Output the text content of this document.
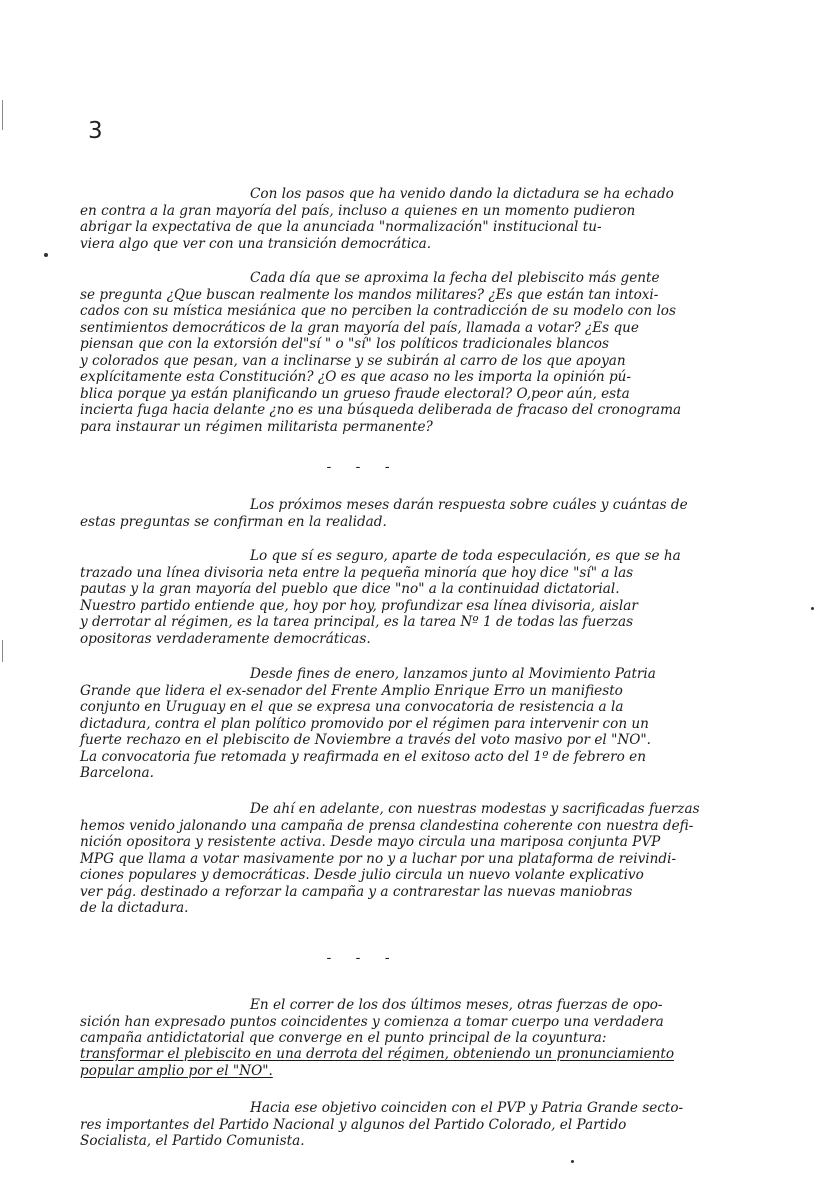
3

Con los pasos que ha venido dando la dictadura se ha echado
en contra a la gran mayoría del país, incluso a quienes en un momento pudieron
abrigar la expectativa de que la anunciada "normalización" institucional tu-
viera algo que ver con una transición democrática.

Cada día que se aproxima la fecha del plebiscito más gente
se pregunta ¿Que buscan realmente los mandos militares? ¿Es que están tan intoxi-
cados con su mística mesiánica que no perciben la contradicción de su modelo con los
sentimientos democráticos de la gran mayoría del país, llamada a votar? ¿Es que
piensan que con la extorsión del"sí " o "sí" los políticos tradicionales blancos
y colorados que pesan, van a inclinarse y se subirán al carro de los que apoyan
explícitamente esta Constitución? ¿O es que acaso no les importa la opinión pú-
blica porque ya están planificando un grueso fraude electoral? O,peor aún, esta
incierta fuga hacia delante ¿no es una búsqueda deliberada de fracaso del cronograma
para instaurar un régimen militarista permanente?

- - -

Los próximos meses darán respuesta sobre cuáles y cuántas de
estas preguntas se confirman en la realidad.

Lo que sí es seguro, aparte de toda especulación, es que se ha
trazado una línea divisoria neta entre la pequeña minoría que hoy dice "sí" a las
pautas y la gran mayoría del pueblo que dice "no" a la continuidad dictatorial.
Nuestro partido entiende que, hoy por hoy, profundizar esa línea divisoria, aislar
y derrotar al régimen, es la tarea principal, es la tarea Nº 1 de todas las fuerzas
opositoras verdaderamente democráticas.

Desde fines de enero, lanzamos junto al Movimiento Patria
Grande que lidera el ex-senador del Frente Amplio Enrique Erro un manifiesto
conjunto en Uruguay en el que se expresa una convocatoria de resistencia a la
dictadura, contra el plan político promovido por el régimen para intervenir con un
fuerte rechazo en el plebiscito de Noviembre a través del voto masivo por el "NO".
La convocatoria fue retomada y reafirmada en el exitoso acto del 1º de febrero en
Barcelona.

De ahí en adelante, con nuestras modestas y sacrificadas fuerzas
hemos venido jalonando una campaña de prensa clandestina coherente con nuestra defi-
nición opositora y resistente activa. Desde mayo circula una mariposa conjunta PVP
MPG que llama a votar masivamente por no y a luchar por una plataforma de reivindi-
ciones populares y democráticas. Desde julio circula un nuevo volante explicativo
ver pág. destinado a reforzar la campaña y a contrarestar las nuevas maniobras
de la dictadura.

- - -

En el correr de los dos últimos meses, otras fuerzas de opo-
sición han expresado puntos coincidentes y comienza a tomar cuerpo una verdadera
campaña antidictatorial que converge en el punto principal de la coyuntura:

transformar el plebiscito en una derrota del régimen, obteniendo un pronunciamiento
popular amplio por el "NO".

Hacia ese objetivo coinciden con el PVP y Patria Grande secto-
res importantes del Partido Nacional y algunos del Partido Colorado, el Partido
Socialista, el Partido Comunista.
